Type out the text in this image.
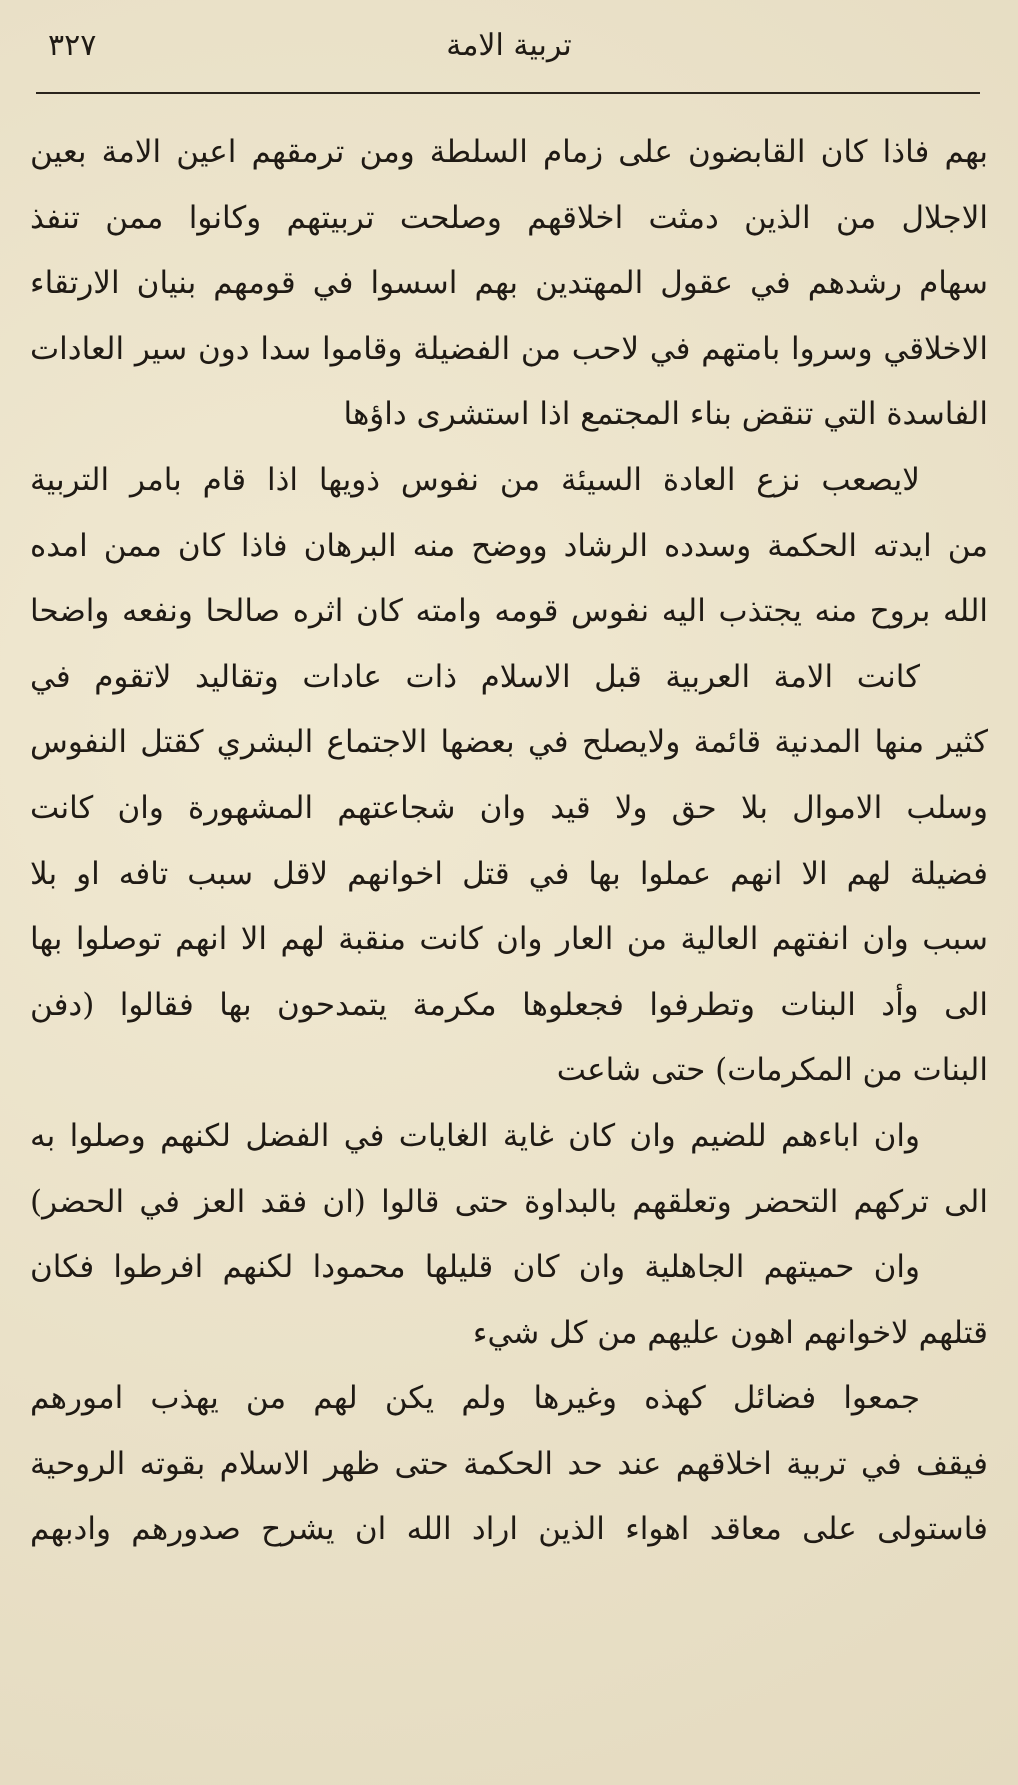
تربية الامة
٣٢٧
بهم فاذا كان القابضون على زمام السلطة ومن ترمقهم اعين الامة بعين
الاجلال من الذين دمثت اخلاقهم وصلحت تربيتهم وكانوا ممن تنفذ
سهام رشدهم في عقول المهتدين بهم اسسوا في قومهم بنيان الارتقاء
الاخلاقي وسروا بامتهم في لاحب من الفضيلة وقاموا سدا دون سير العادات
الفاسدة التي تنقض بناء المجتمع اذا استشرى داؤها
لايصعب نزع العادة السيئة من نفوس ذويها اذا قام بامر التربية
من ايدته الحكمة وسدده الرشاد ووضح منه البرهان فاذا كان ممن امده
الله بروح منه يجتذب اليه نفوس قومه وامته كان اثره صالحا ونفعه واضحا
كانت الامة العربية قبل الاسلام ذات عادات وتقاليد لاتقوم في
كثير منها المدنية قائمة ولايصلح في بعضها الاجتماع البشري كقتل النفوس
وسلب الاموال بلا حق ولا قيد وان شجاعتهم المشهورة وان كانت
فضيلة لهم الا انهم عملوا بها في قتل اخوانهم لاقل سبب تافه او بلا
سبب وان انفتهم العالية من العار وان كانت منقبة لهم الا انهم توصلوا بها
الى وأد البنات وتطرفوا فجعلوها مكرمة يتمدحون بها فقالوا (دفن
البنات من المكرمات) حتى شاعت
وان اباءهم للضيم وان كان غاية الغايات في الفضل لكنهم وصلوا به
الى تركهم التحضر وتعلقهم بالبداوة حتى قالوا (ان فقد العز في الحضر)
وان حميتهم الجاهلية وان كان قليلها محمودا لكنهم افرطوا فكان
قتلهم لاخوانهم اهون عليهم من كل شيء
جمعوا فضائل كهذه وغيرها ولم يكن لهم من يهذب امورهم
فيقف في تربية اخلاقهم عند حد الحكمة حتى ظهر الاسلام بقوته الروحية
فاستولى على معاقد اهواء الذين اراد الله ان يشرح صدورهم وادبهم
